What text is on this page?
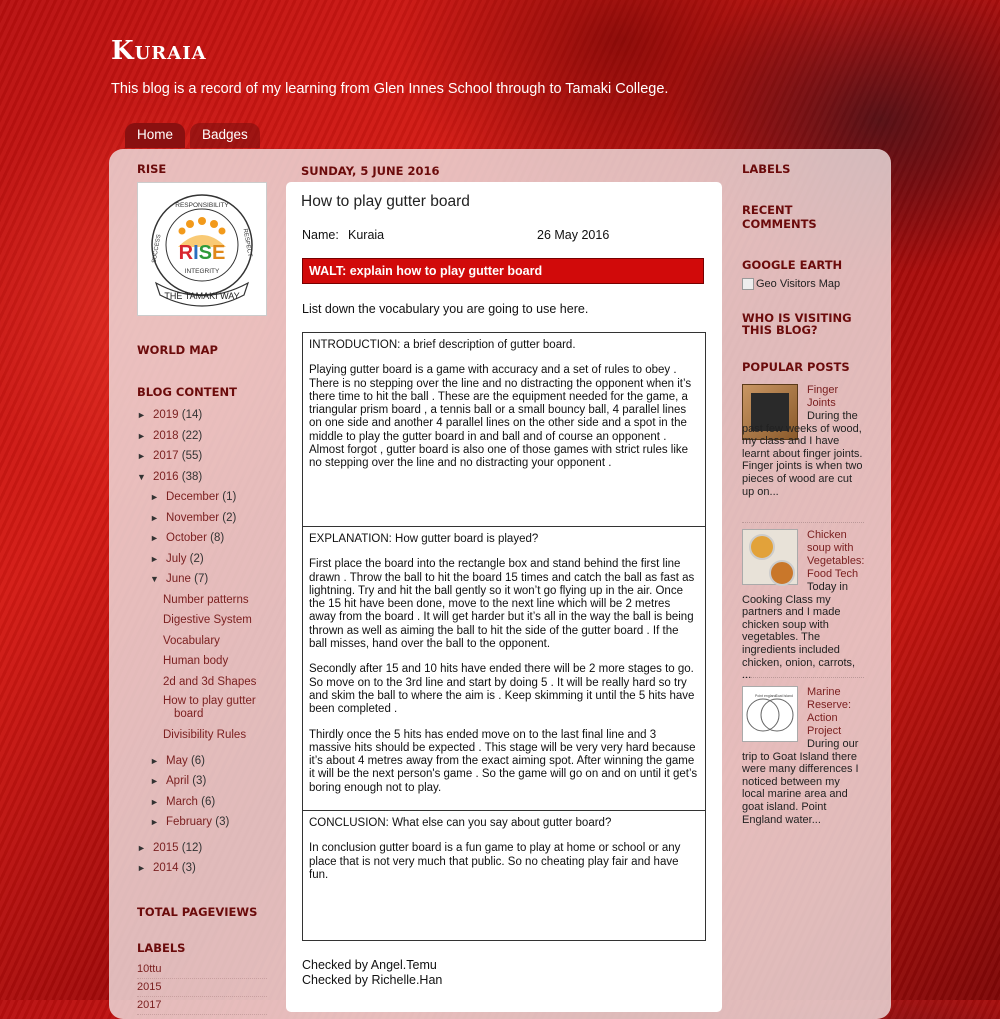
Kuraia

This blog is a record of my learning from Glen Innes School through to Tamaki College.

Home	Badges
RISE
RISE
RESPONSIBILITY
SUCCESS	RESPECT
INTEGRITY
THE TAMAKI WAY
WORLD MAP
BLOG CONTENT
► 2019 (14)
► 2018 (22)
► 2017 (55)
▼ 2016 (38)
► December (1)
► November (2)
► October (8)
► July (2)
▼ June (7)
Number patterns
Digestive System
Vocabulary
Human body
2d and 3d Shapes
How to play gutter board
Divisibility Rules
► May (6)
► April (3)
► March (6)
► February (3)
► 2015 (12)
► 2014 (3)
TOTAL PAGEVIEWS
LABELS
10ttu
2015
2017
SUNDAY, 5 JUNE 2016
How to play gutter board
Name: Kuraia	26 May 2016
WALT: explain how to play gutter board
List down the vocabulary you are going to use here.

INTRODUCTION: a brief description of gutter board.

Playing gutter board is a game with accuracy and a set of rules to obey . There is no stepping over the line and no distracting the opponent when it’s there time to hit the ball . These are the equipment needed for the game, a triangular prism board , a tennis ball or a small bouncy ball, 4 parallel lines on one side and another 4 parallel lines on the other side and a spot in the middle to play the gutter board in and ball and of course an opponent . Almost forgot , gutter board is also one of those games with strict rules like no stepping over the line and no distracting your opponent .

EXPLANATION: How gutter board is played?

First place the board into the rectangle box and stand behind the first line drawn . Throw the ball to hit the board 15 times and catch the ball as fast as lightning. Try and hit the ball gently so it won’t go flying up in the air. Once the 15 hit have been done, move to the next line which will be 2 metres away from the board . It will get harder but it’s all in the way the ball is being thrown as well as aiming the ball to hit the side of the gutter board . If the ball misses, hand over the ball to the opponent.

Secondly after 15 and 10 hits have ended there will be 2 more stages to go. So move on to the 3rd line and start by doing 5 . It will be really hard so try and skim the ball to where the aim is . Keep skimming it until the 5 hits have been completed .

Thirdly once the 5 hits has ended move on to the last final line and 3 massive hits should be expected . This stage will be very very hard because it’s about 4 metres away from the exact aiming spot. After winning the game it will be the next person's game . So the game will go on and on until it get’s boring enough not to play.

CONCLUSION: What else can you say about gutter board?

In conclusion gutter board is a fun game to play at home or school or any place that is not very much that public. So no cheating play fair and have fun.

Checked by Angel.Temu
Checked by Richelle.Han
LABELS
RECENT COMMENTS
GOOGLE EARTH
Geo Visitors Map
WHO IS VISITING THIS BLOG?
POPULAR POSTS
Finger Joints
During the past few weeks of wood, my class and I have learnt about finger joints. Finger joints is when two pieces of wood are cut up on...
Chicken soup with Vegetables: Food Tech
Today in Cooking Class my partners and I made chicken soup with vegetables. The ingredients included chicken, onion, carrots, ...
Point england
Goat Island Marine Reserve: Action Project
During our trip to Goat Island there were many differences I noticed between my local marine area and goat island. Point England water...
